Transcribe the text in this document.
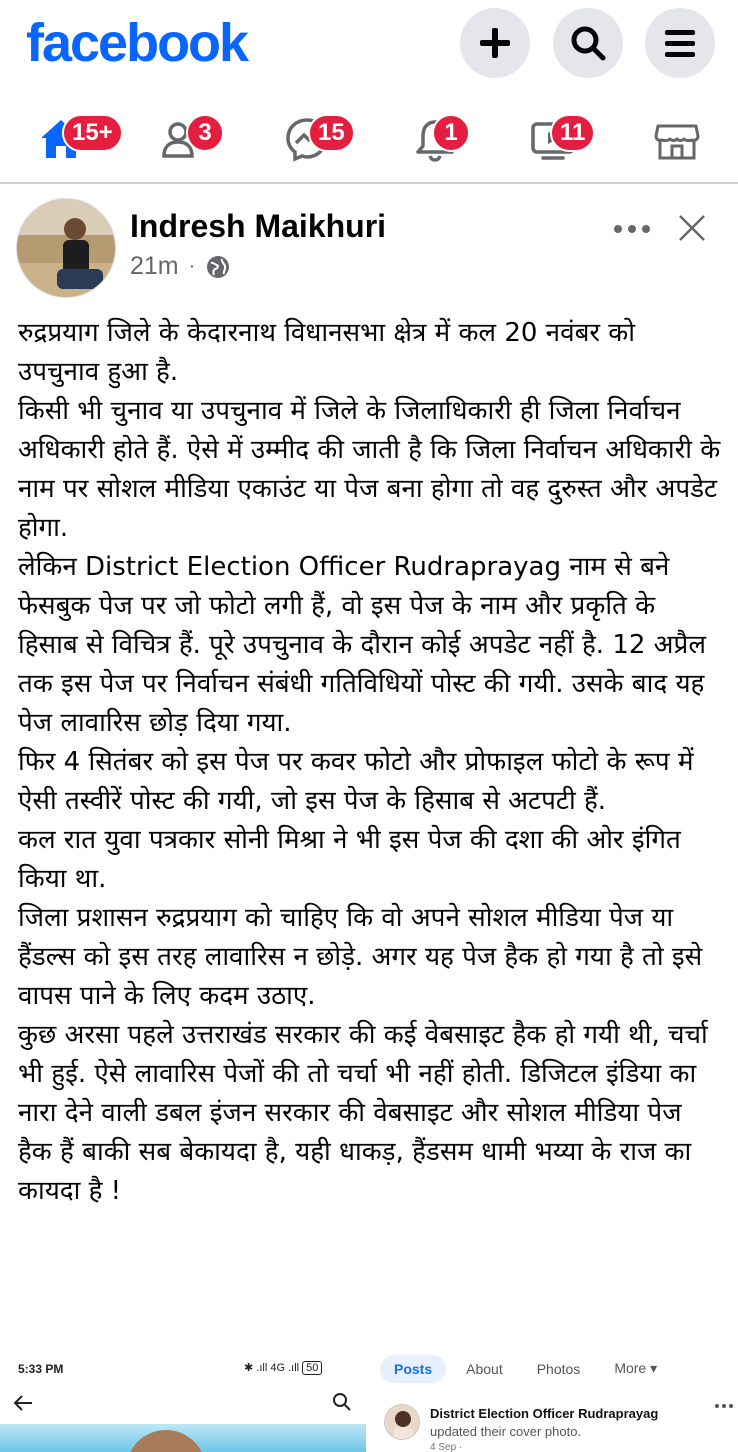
facebook
15+	3	15	1	11
Indresh Maikhuri
21m ·

रुद्रप्रयाग जिले के केदारनाथ विधानसभा क्षेत्र में कल 20 नवंबर को उपचुनाव हुआ है.

किसी भी चुनाव या उपचुनाव में जिले के जिलाधिकारी ही जिला निर्वाचन अधिकारी होते हैं. ऐसे में उम्मीद की जाती है कि जिला निर्वाचन अधिकारी के नाम पर सोशल मीडिया एकाउंट या पेज बना होगा तो वह दुरुस्त और अपडेट होगा.

लेकिन District Election Officer Rudraprayag नाम से बने फेसबुक पेज पर जो फोटो लगी हैं, वो इस पेज के नाम और प्रकृति के हिसाब से विचित्र हैं. पूरे उपचुनाव के दौरान कोई अपडेट नहीं है. 12 अप्रैल तक इस पेज पर निर्वाचन संबंधी गतिविधियों पोस्ट की गयी. उसके बाद यह पेज लावारिस छोड़ दिया गया.

फिर 4 सितंबर को इस पेज पर कवर फोटो और प्रोफाइल फोटो के रूप में ऐसी तस्वीरें पोस्ट की गयी, जो इस पेज के हिसाब से अटपटी हैं.

कल रात युवा पत्रकार सोनी मिश्रा ने भी इस पेज की दशा की ओर इंगित किया था.

जिला प्रशासन रुद्रप्रयाग को चाहिए कि वो अपने सोशल मीडिया पेज या हैंडल्स को इस तरह लावारिस न छोड़े. अगर यह पेज हैक हो गया है तो इसे वापस पाने के लिए कदम उठाए.

कुछ अरसा पहले उत्तराखंड सरकार की कई वेबसाइट हैक हो गयी थी, चर्चा भी हुई. ऐसे लावारिस पेजों की तो चर्चा भी नहीं होती. डिजिटल इंडिया का नारा देने वाली डबल इंजन सरकार की वेबसाइट और सोशल मीडिया पेज हैक हैं बाकी सब बेकायदा है, यही धाकड़, हैंडसम धामी भय्या के राज का कायदा है !

5:33 PM	✱ .ıll 4G .ıll 50	Posts	About	Photos	More ▾
District Election Officer Rudraprayag
updated their cover photo.
4 Sep ·
